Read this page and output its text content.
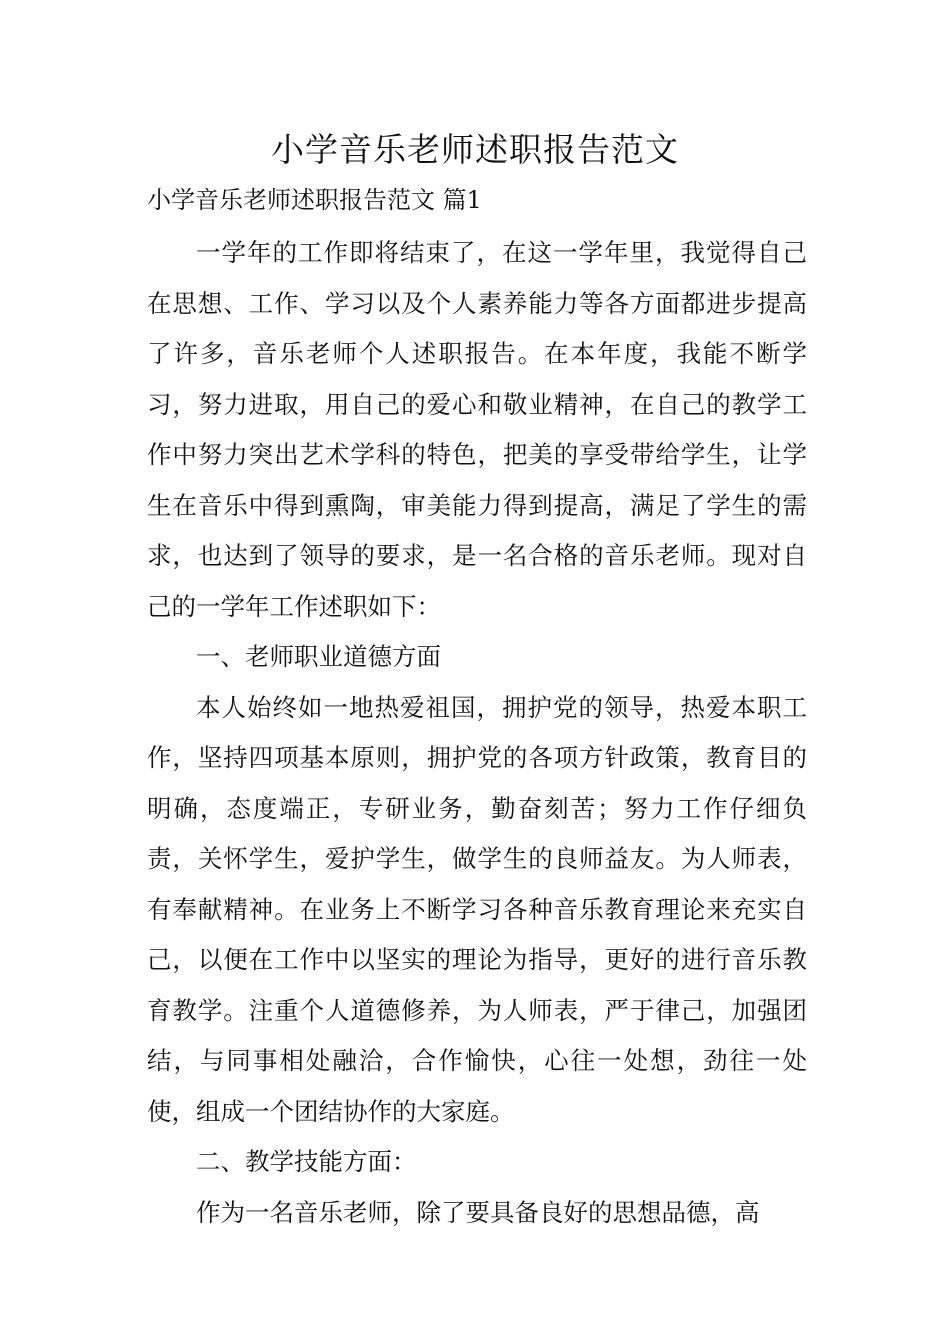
小学音乐老师述职报告范文

小学音乐老师述职报告范文 篇1

一学年的工作即将结束了，在这一学年里，我觉得自己在思想、工作、学习以及个人素养能力等各方面都进步提高了许多，音乐老师个人述职报告。在本年度，我能不断学习，努力进取，用自己的爱心和敬业精神，在自己的教学工作中努力突出艺术学科的特色，把美的享受带给学生，让学生在音乐中得到熏陶，审美能力得到提高，满足了学生的需求，也达到了领导的要求，是一名合格的音乐老师。现对自己的一学年工作述职如下：

一、老师职业道德方面

本人始终如一地热爱祖国，拥护党的领导，热爱本职工作，坚持四项基本原则，拥护党的各项方针政策，教育目的明确，态度端正，专研业务，勤奋刻苦；努力工作仔细负责，关怀学生，爱护学生，做学生的良师益友。为人师表，有奉献精神。在业务上不断学习各种音乐教育理论来充实自己，以便在工作中以坚实的理论为指导，更好的进行音乐教育教学。注重个人道德修养，为人师表，严于律己，加强团结，与同事相处融洽，合作愉快，心往一处想，劲往一处使，组成一个团结协作的大家庭。

二、教学技能方面：

作为一名音乐老师，除了要具备良好的思想品德，高
